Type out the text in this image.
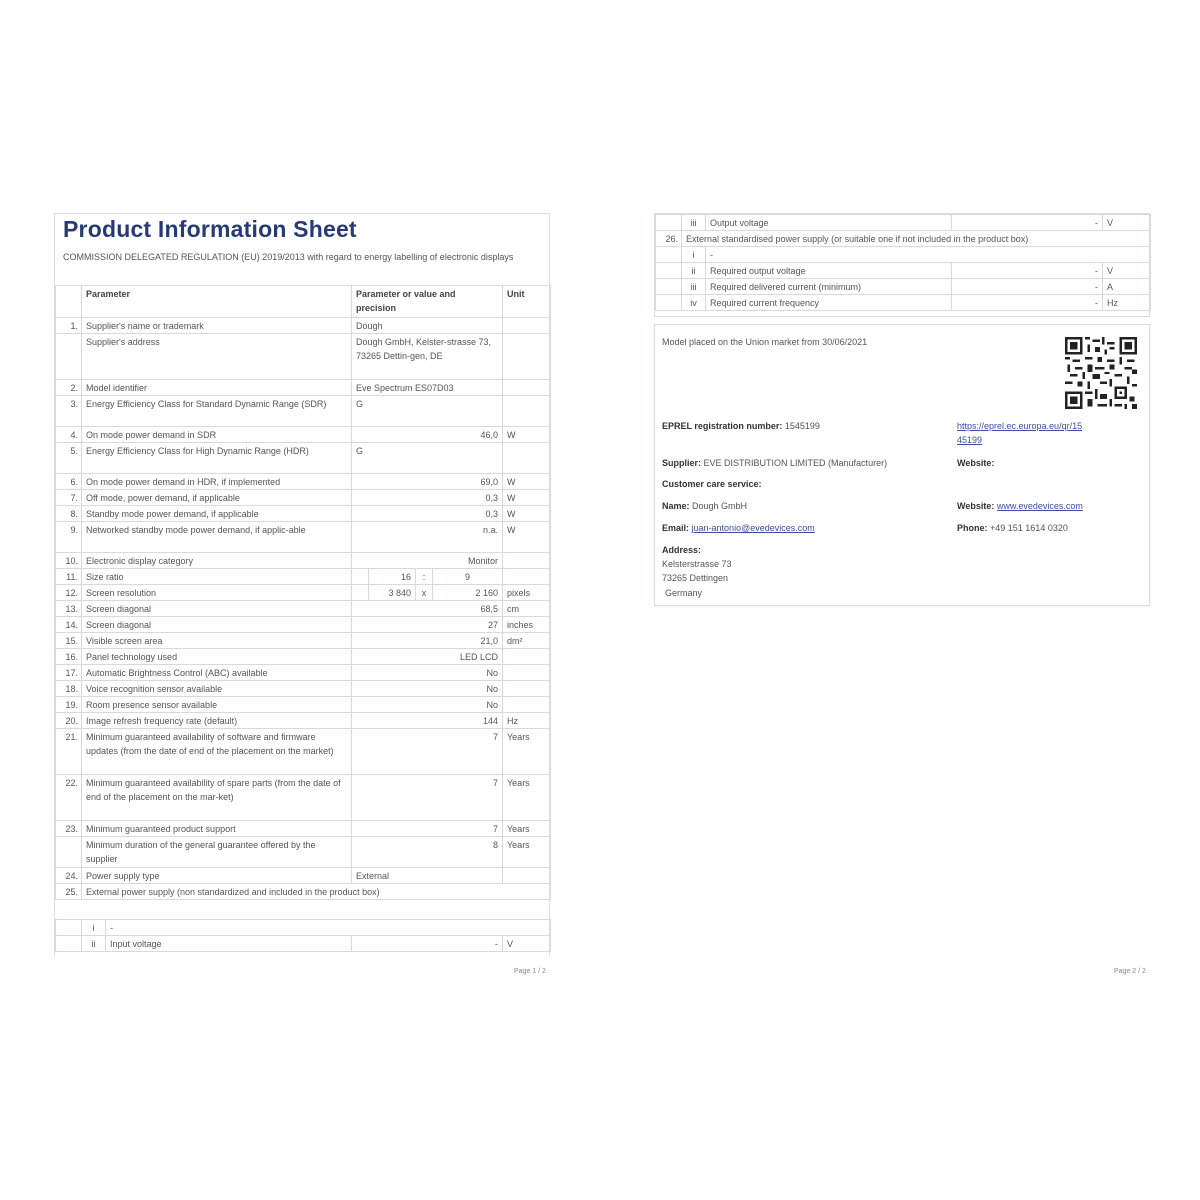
Product Information Sheet
COMMISSION DELEGATED REGULATION (EU) 2019/2013 with regard to energy labelling of electronic displays
	Parameter	Parameter or value and precision				Unit
1.	Supplier's name or trademark	Dough				
	Supplier's address	Dough GmbH, Kelster-strasse 73, 73265 Dettin-gen, DE				
2.	Model identifier	Eve Spectrum ES07D03				
3.	Energy Efficiency Class for Standard Dynamic Range (SDR)	G				
4.	On mode power demand in SDR	46,0				W
5.	Energy Efficiency Class for High Dynamic Range (HDR)	G				
6.	On mode power demand in HDR, if implemented	69,0				W
7.	Off mode, power demand, if applicable	0,3				W
8.	Standby mode power demand, if applicable	0,3				W
9.	Networked standby mode power demand, if applic-able	n.a.				W
10.	Electronic display category	Monitor				
11.	Size ratio		16	:	9	
12.	Screen resolution		3 840	x	2 160	pixels
13.	Screen diagonal	68,5				cm
14.	Screen diagonal	27				inches
15.	Visible screen area	21,0				dm²
16.	Panel technology used	LED LCD				
17.	Automatic Brightness Control (ABC) available	No				
18.	Voice recognition sensor available	No				
19.	Room presence sensor available	No				
20.	Image refresh frequency rate (default)	144				Hz
21.	Minimum guaranteed availability of software and firmware updates (from the date of end of the placement on the market)	7				Years
22.	Minimum guaranteed availability of spare parts (from the date of end of the placement on the mar-ket)	7				Years
23.	Minimum guaranteed product support	7				Years
	Minimum duration of the general guarantee offered by the supplier	8				Years
24.	Power supply type	External				
25.	External power supply (non standardized and included in the product box)					
	i	-		
	ii	Input voltage	-	V
Page 1 / 2
	iii	Output voltage	-	V
26.	External standardised power supply (or suitable one if not included in the product box)			
	i	-		
	ii	Required output voltage	-	V
	iii	Required delivered current (minimum)	-	A
	iv	Required current frequency	-	Hz
Model placed on the Union market from 30/06/2021
EPREL registration number: 1545199	https://eprel.ec.europa.eu/qr/15
45199
Supplier: EVE DISTRIBUTION LIMITED (Manufacturer)	Website:
Customer care service:
Name: Dough GmbH	Website: www.evedevices.com
Email: juan-antonio@evedevices.com	Phone: +49 151 1614 0320
Address:
Kelsterstrasse 73
73265 Dettingen
Germany
Page 2 / 2
